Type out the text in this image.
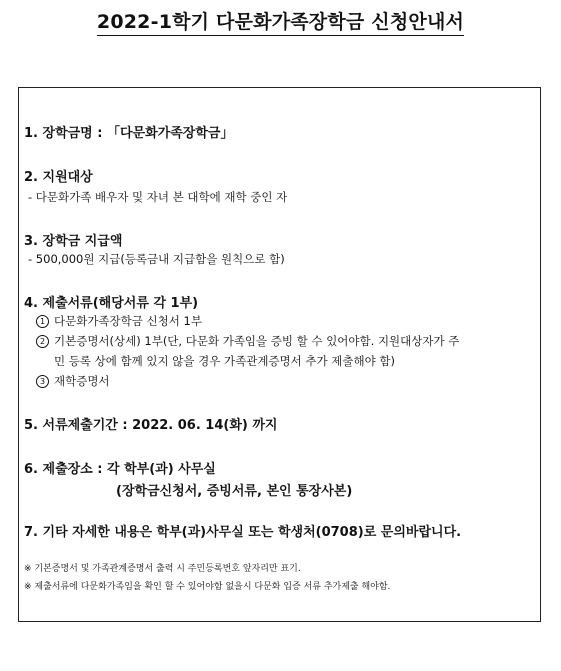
2022-1학기 다문화가족장학금 신청안내서
1. 장학금명 : 「다문화가족장학금」
2. 지원대상
- 다문화가족 배우자 및 자녀 본 대학에 재학 중인 자
3. 장학금 지급액
- 500,000원 지급(등록금내 지급함을 원칙으로 함)
4. 제출서류(해당서류 각 1부)
1 다문화가족장학금 신청서 1부
2 기본증명서(상세) 1부(단, 다문화 가족임을 증빙 할 수 있어야함. 지원대상자가 주
민 등록 상에 함께 있지 않을 경우 가족관계증명서 추가 제출해야 함)
3 재학증명서
5. 서류제출기간 : 2022. 06. 14(화) 까지
6. 제출장소 : 각 학부(과) 사무실
(장학금신청서, 증빙서류, 본인 통장사본)
7. 기타 자세한 내용은 학부(과)사무실 또는 학생처(0708)로 문의바랍니다.
※ 기본증명서 및 가족관계증명서 출력 시 주민등록번호 앞자리만 표기.
※ 제출서류에 다문화가족임을 확인 할 수 있어야함 없을시 다문화 입증 서류 추가제출 해야함.
